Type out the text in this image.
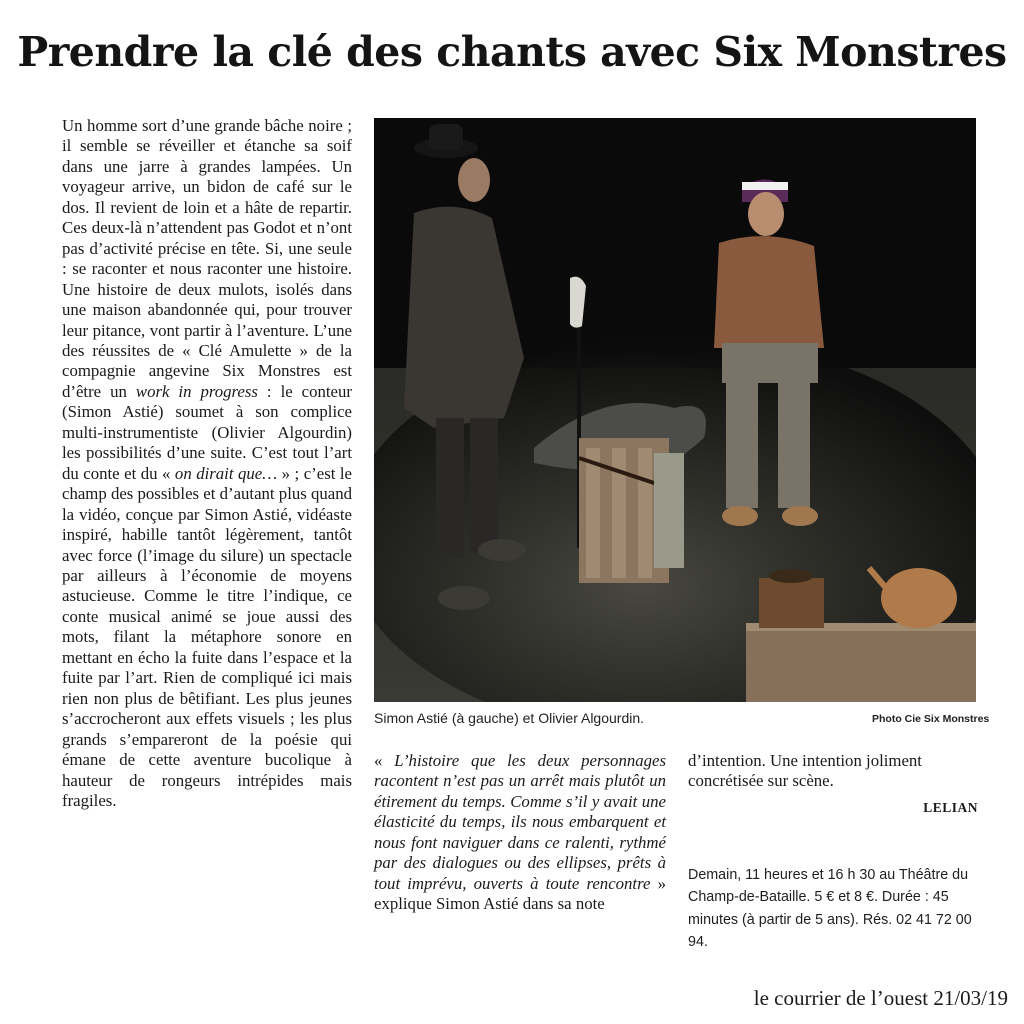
Prendre la clé des chants avec Six Monstres

Un homme sort d’une grande bâche noire ; il semble se réveiller et étanche sa soif dans une jarre à grandes lampées. Un voyageur arrive, un bidon de café sur le dos. Il revient de loin et a hâte de repartir. Ces deux-là n’attendent pas Godot et n’ont pas d’activité précise en tête. Si, une seule : se raconter et nous raconter une histoire. Une histoire de deux mulots, isolés dans une maison abandonnée qui, pour trouver leur pitance, vont partir à l’aventure. L’une des réussites de « Clé Amulette » de la compagnie angevine Six Monstres est d’être un work in progress : le conteur (Simon Astié) soumet à son complice multi-instrumentiste (Olivier Algourdin) les possibilités d’une suite. C’est tout l’art du conte et du « on dirait que… » ; c’est le champ des possibles et d’autant plus quand la vidéo, conçue par Simon Astié, vidéaste inspiré, habille tantôt légèrement, tantôt avec force (l’image du silure) un spectacle par ailleurs à l’économie de moyens astucieuse. Comme le titre l’indique, ce conte musical animé se joue aussi des mots, filant la métaphore sonore en mettant en écho la fuite dans l’espace et la fuite par l’art. Rien de compliqué ici mais rien non plus de bêtifiant. Les plus jeunes s’accrocheront aux effets visuels ; les plus grands s’empareront de la poésie qui émane de cette aventure bucolique à hauteur de rongeurs intrépides mais fragiles.

Simon Astié (à gauche) et Olivier Algourdin.	Photo Cie Six Monstres

« L’histoire que les deux personnages racontent n’est pas un arrêt mais plutôt un étirement du temps. Comme s’il y avait une élasticité du temps, ils nous embarquent et nous font naviguer dans ce ralenti, rythmé par des dialogues ou des ellipses, prêts à tout imprévu, ouverts à toute rencontre » explique Simon Astié dans sa note

d’intention. Une intention joliment concrétisée sur scène.

LELIAN

Demain, 11 heures et 16 h 30 au Théâtre du Champ-de-Bataille. 5 € et 8 €. Durée : 45 minutes (à partir de 5 ans). Rés. 02 41 72 00 94.

le courrier de l’ouest 21/03/19
